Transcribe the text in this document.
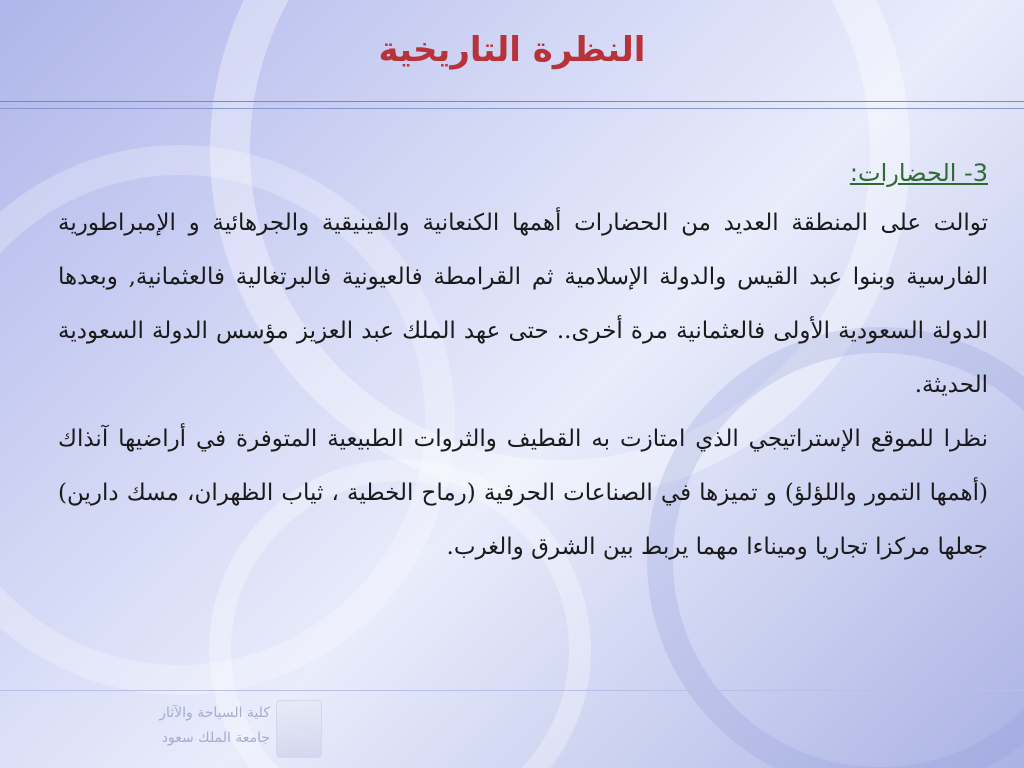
النظرة التاريخية
3- الحضارات:

توالت على المنطقة العديد من الحضارات أهمها الكنعانية والفينيقية والجرهائية و الإمبراطورية الفارسية وبنوا عبد القيس والدولة الإسلامية ثم القرامطة فالعيونية فالبرتغالية فالعثمانية, وبعدها الدولة السعودية الأولى فالعثمانية مرة أخرى.. حتى عهد الملك عبد العزيز مؤسس الدولة السعودية الحديثة.

نظرا للموقع الإستراتيجي الذي امتازت به القطيف والثروات الطبيعية المتوفرة في أراضيها آنذاك (أهمها التمور واللؤلؤ) و تميزها في الصناعات الحرفية (رماح الخطية ، ثياب الظهران، مسك دارين) جعلها مركزا تجاريا وميناءا مهما يربط بين الشرق والغرب.

كلية السياحة والآثار
جامعة الملك سعود
